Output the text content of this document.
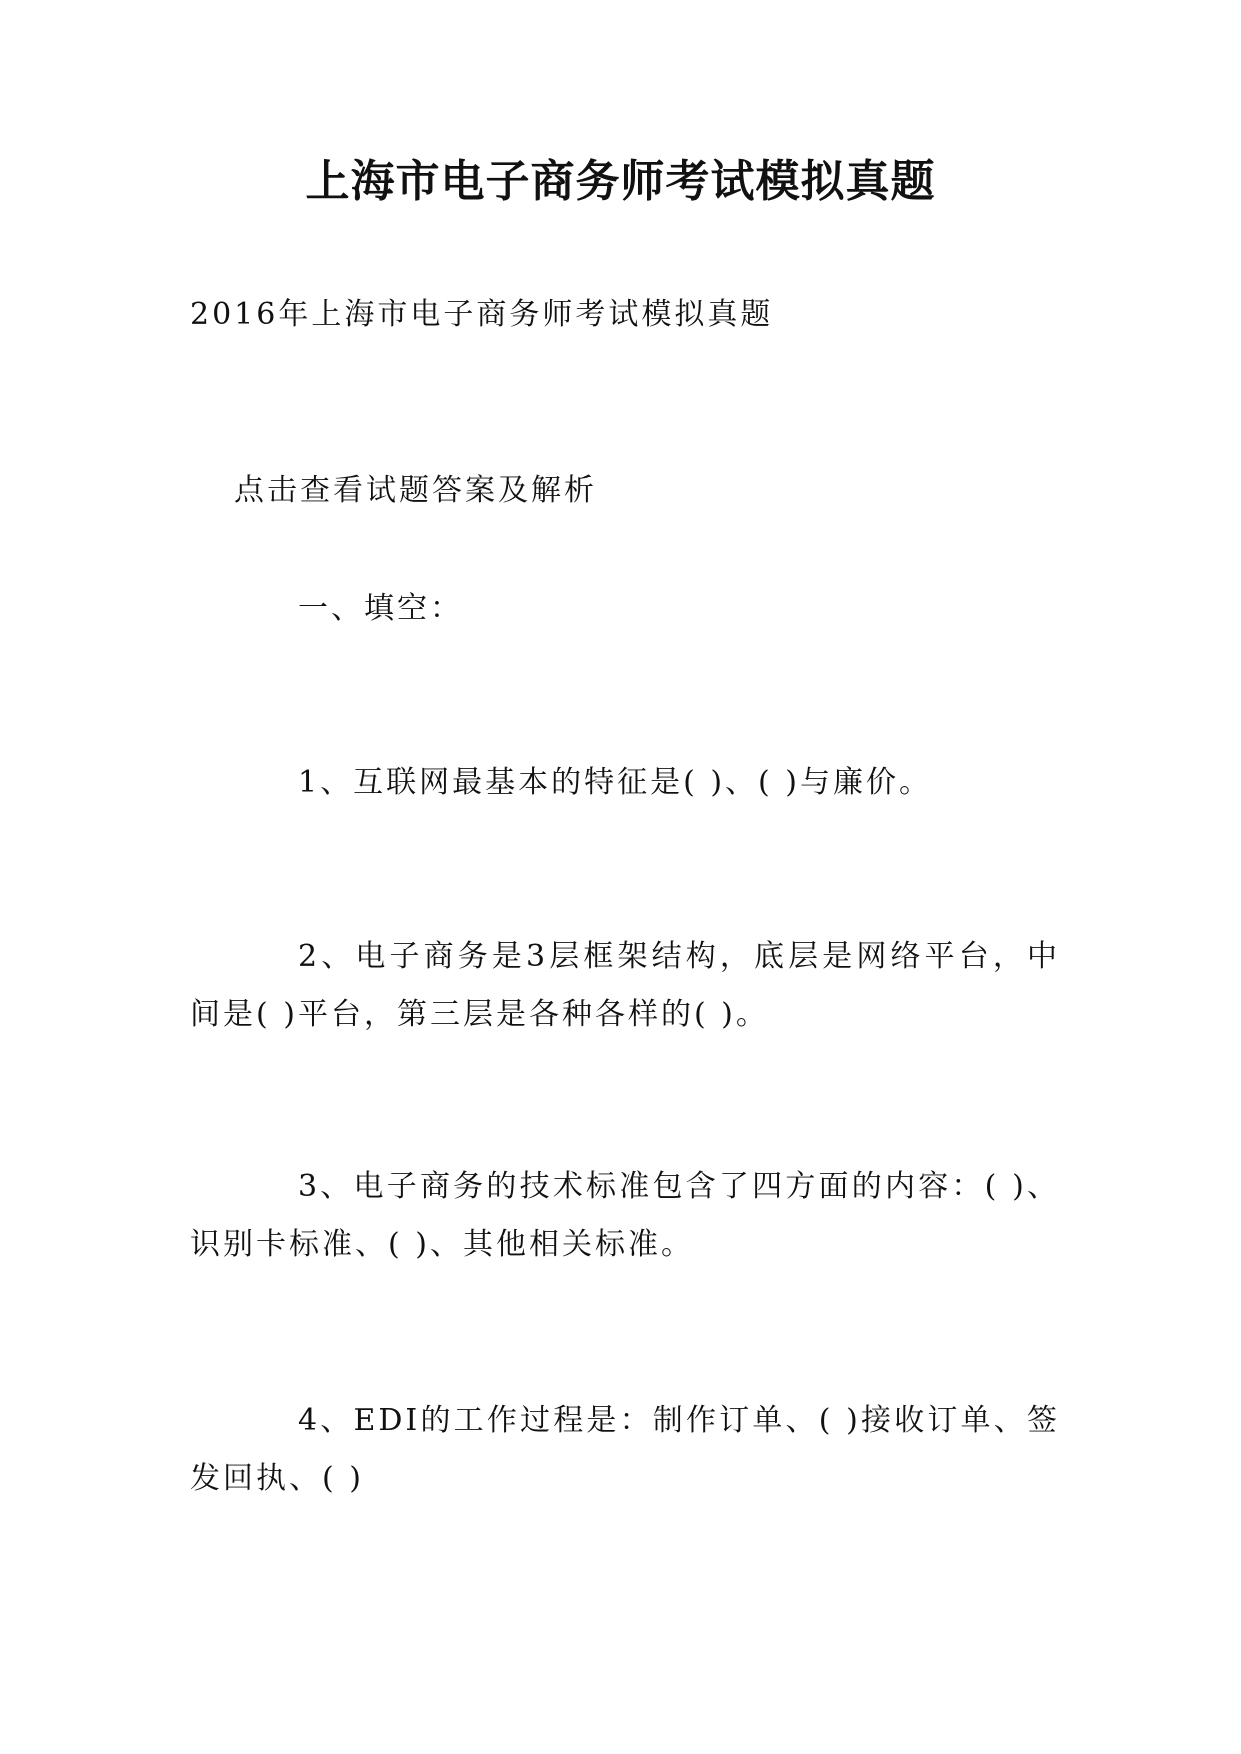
上海市电子商务师考试模拟真题

2016年上海市电子商务师考试模拟真题

点击查看试题答案及解析

一、填空：

1、互联网最基本的特征是( )、( )与廉价。

2、电子商务是3层框架结构，底层是网络平台，中间是( )平台，第三层是各种各样的( )。

3、电子商务的技术标准包含了四方面的内容：( )、识别卡标准、( )、其他相关标准。

4、EDI的工作过程是：制作订单、( )接收订单、签发回执、( )
